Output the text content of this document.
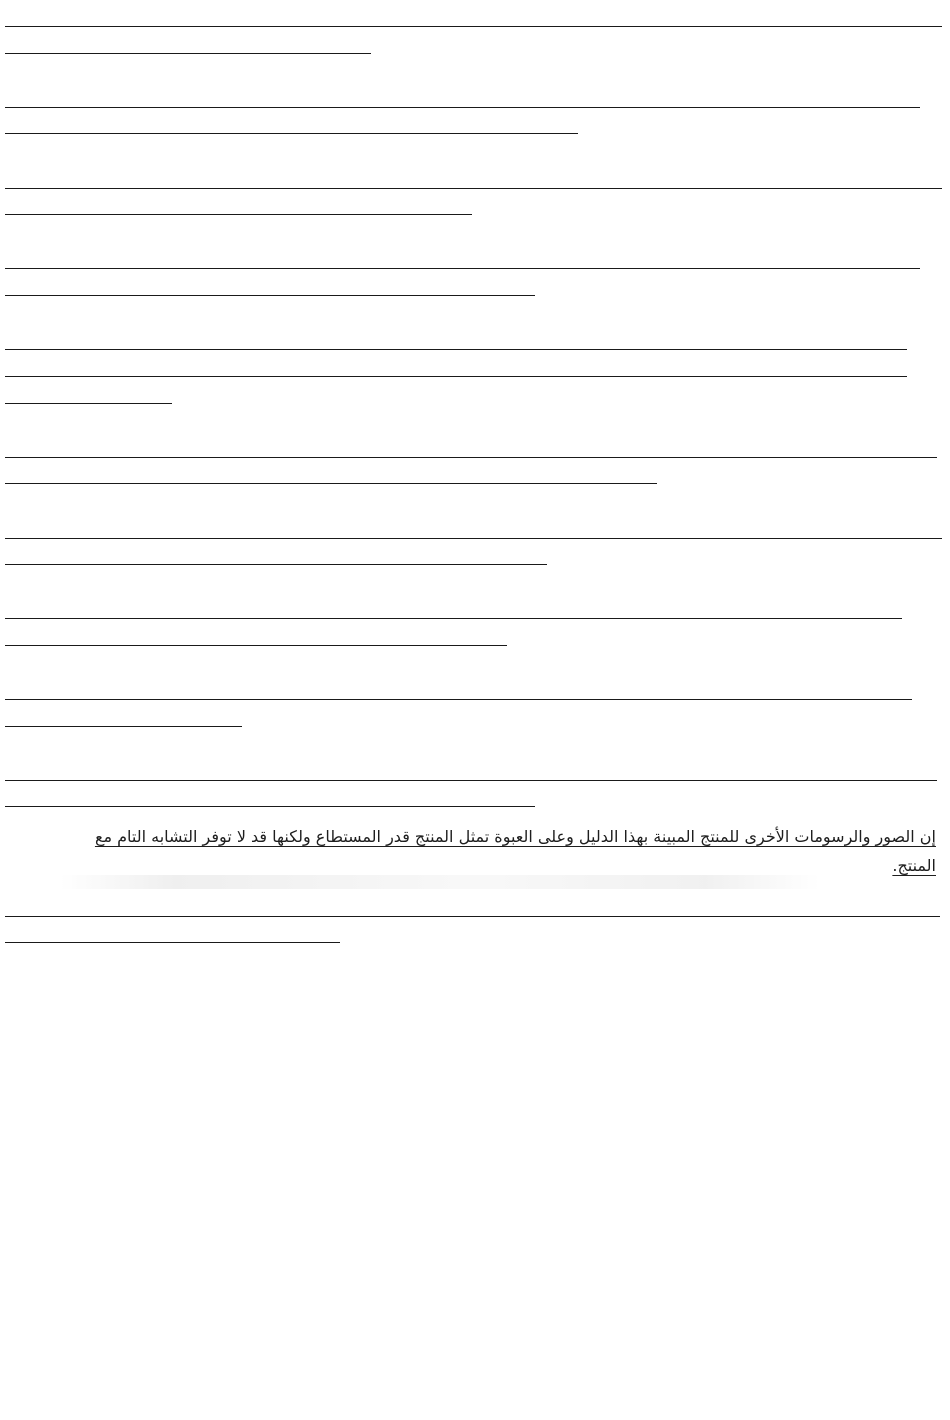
إن الصور والرسومات الأخرى للمنتج المبينة بهذا الدليل وعلى العبوة تمثل المنتج قدر المستطاع ولكنها قد لا توفر التشابه التام مع المنتج.
